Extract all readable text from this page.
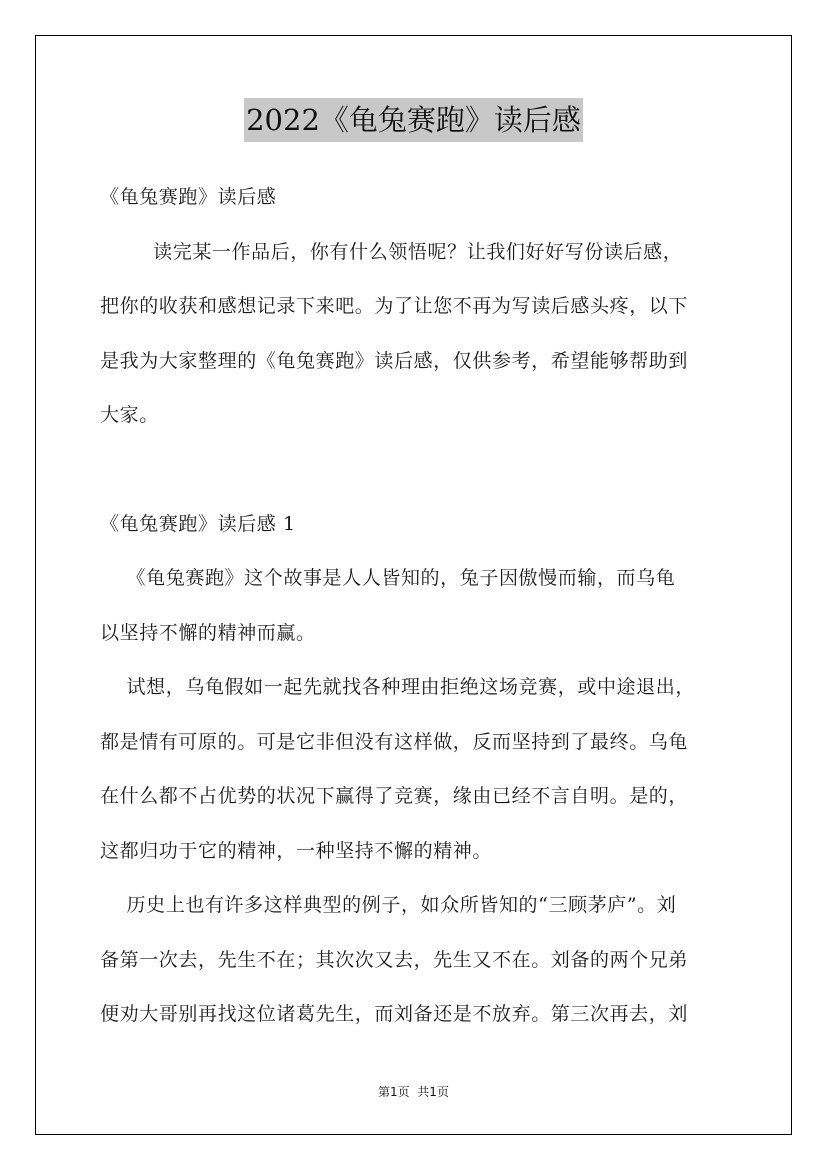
2022《龟兔赛跑》读后感
《龟兔赛跑》读后感
读完某一作品后，你有什么领悟呢？让我们好好写份读后感，
把你的收获和感想记录下来吧。为了让您不再为写读后感头疼，以下
是我为大家整理的《龟兔赛跑》读后感，仅供参考，希望能够帮助到
大家。
《龟兔赛跑》读后感 1
《龟兔赛跑》这个故事是人人皆知的，兔子因傲慢而输，而乌龟
以坚持不懈的精神而赢。
试想，乌龟假如一起先就找各种理由拒绝这场竞赛，或中途退出，
都是情有可原的。可是它非但没有这样做，反而坚持到了最终。乌龟
在什么都不占优势的状况下赢得了竞赛，缘由已经不言自明。是的，
这都归功于它的精神，一种坚持不懈的精神。
历史上也有许多这样典型的例子，如众所皆知的“三顾茅庐”。刘
备第一次去，先生不在；其次次又去，先生又不在。刘备的两个兄弟
便劝大哥别再找这位诸葛先生，而刘备还是不放弃。第三次再去，刘
第1页  共1页
